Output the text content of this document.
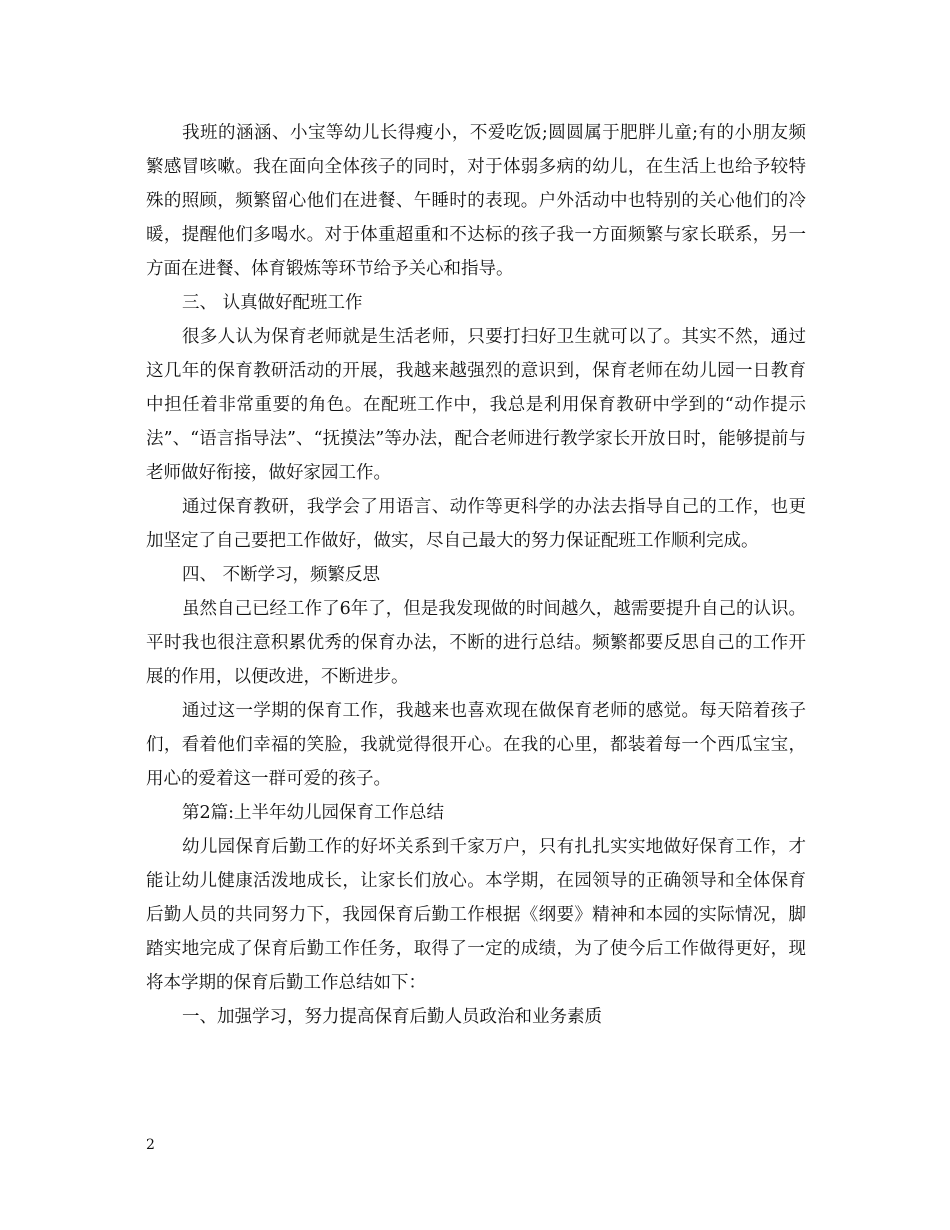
我班的涵涵、小宝等幼儿长得瘦小，不爱吃饭;圆圆属于肥胖儿童;有的小朋友频繁感冒咳嗽。我在面向全体孩子的同时，对于体弱多病的幼儿，在生活上也给予较特殊的照顾，频繁留心他们在进餐、午睡时的表现。户外活动中也特别的关心他们的冷暖，提醒他们多喝水。对于体重超重和不达标的孩子我一方面频繁与家长联系，另一方面在进餐、体育锻炼等环节给予关心和指导。

三、 认真做好配班工作

很多人认为保育老师就是生活老师，只要打扫好卫生就可以了。其实不然，通过这几年的保育教研活动的开展，我越来越强烈的意识到，保育老师在幼儿园一日教育中担任着非常重要的角色。在配班工作中，我总是利用保育教研中学到的“动作提示法”、“语言指导法”、“抚摸法”等办法，配合老师进行教学家长开放日时，能够提前与老师做好衔接，做好家园工作。

通过保育教研，我学会了用语言、动作等更科学的办法去指导自己的工作，也更加坚定了自己要把工作做好，做实，尽自己最大的努力保证配班工作顺利完成。

四、 不断学习，频繁反思

虽然自己已经工作了6年了，但是我发现做的时间越久，越需要提升自己的认识。平时我也很注意积累优秀的保育办法，不断的进行总结。频繁都要反思自己的工作开展的作用，以便改进，不断进步。

通过这一学期的保育工作，我越来也喜欢现在做保育老师的感觉。每天陪着孩子们，看着他们幸福的笑脸，我就觉得很开心。在我的心里，都装着每一个西瓜宝宝，用心的爱着这一群可爱的孩子。

第2篇:上半年幼儿园保育工作总结

幼儿园保育后勤工作的好坏关系到千家万户，只有扎扎实实地做好保育工作，才能让幼儿健康活泼地成长，让家长们放心。本学期，在园领导的正确领导和全体保育后勤人员的共同努力下，我园保育后勤工作根据《纲要》精神和本园的实际情况，脚踏实地完成了保育后勤工作任务，取得了一定的成绩，为了使今后工作做得更好，现将本学期的保育后勤工作总结如下：

一、加强学习，努力提高保育后勤人员政治和业务素质

2
